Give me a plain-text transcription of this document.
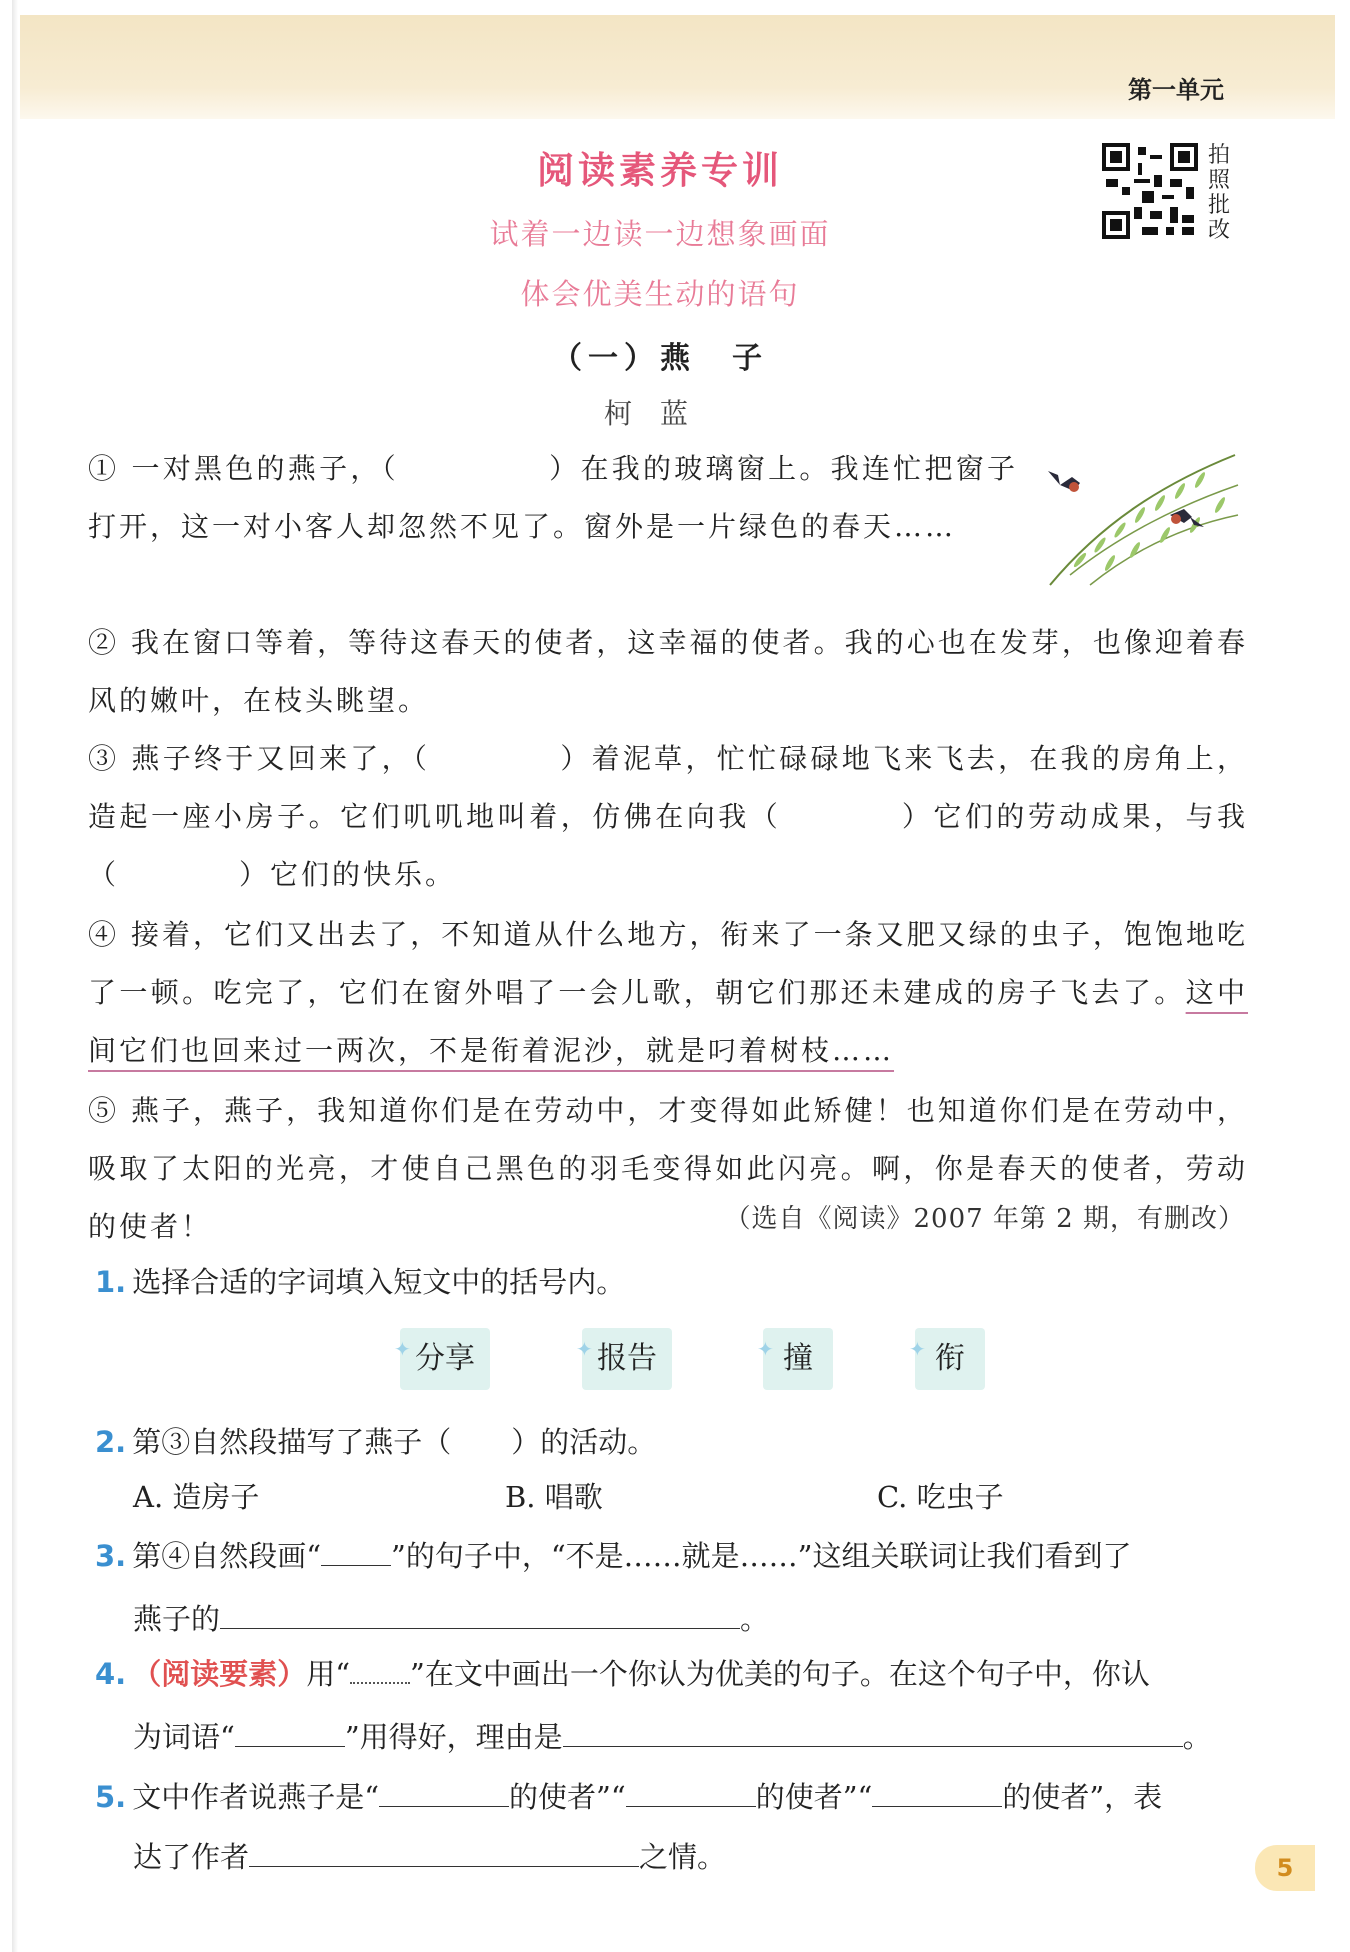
第一单元
阅读素养专训
试着一边读一边想象画面
体会优美生动的语句
拍照批改
（一）燕　子
柯蓝
① 一对黑色的燕子，（	）在我的玻璃窗上。我连忙把窗子打开，这一对小客人却忽然不见了。窗外是一片绿色的春天……
② 我在窗口等着，等待这春天的使者，这幸福的使者。我的心也在发芽，也像迎着春风的嫩叶，在枝头眺望。
③ 燕子终于又回来了，（	）着泥草，忙忙碌碌地飞来飞去，在我的房角上，造起一座小房子。它们叽叽地叫着，仿佛在向我（	）它们的劳动成果，与我（	）它们的快乐。
④ 接着，它们又出去了，不知道从什么地方，衔来了一条又肥又绿的虫子，饱饱地吃了一顿。吃完了，它们在窗外唱了一会儿歌，朝它们那还未建成的房子飞去了。这中间它们也回来过一两次，不是衔着泥沙，就是叼着树枝……
⑤ 燕子，燕子，我知道你们是在劳动中，才变得如此矫健！也知道你们是在劳动中，吸取了太阳的光亮，才使自己黑色的羽毛变得如此闪亮。啊，你是春天的使者，劳动的使者！	（选自《阅读》2007 年第 2 期，有删改）
1. 选择合适的字词填入短文中的括号内。
✦ 分享	✦ 报告	✦ 撞	✦ 衔
2. 第③自然段描写了燕子（ ）的活动。
A. 造房子	B. 唱歌	C. 吃虫子
3. 第④自然段画“ ”的句子中，“不是……就是……”这组关联词让我们看到了
燕子的	。
4. （阅读要素）用“ ”在文中画出一个你认为优美的句子。在这个句子中，你认
为词语“	”用得好，理由是	。
5. 文中作者说燕子是“	的使者”“	的使者”“	的使者”，表
达了作者	之情。	5
